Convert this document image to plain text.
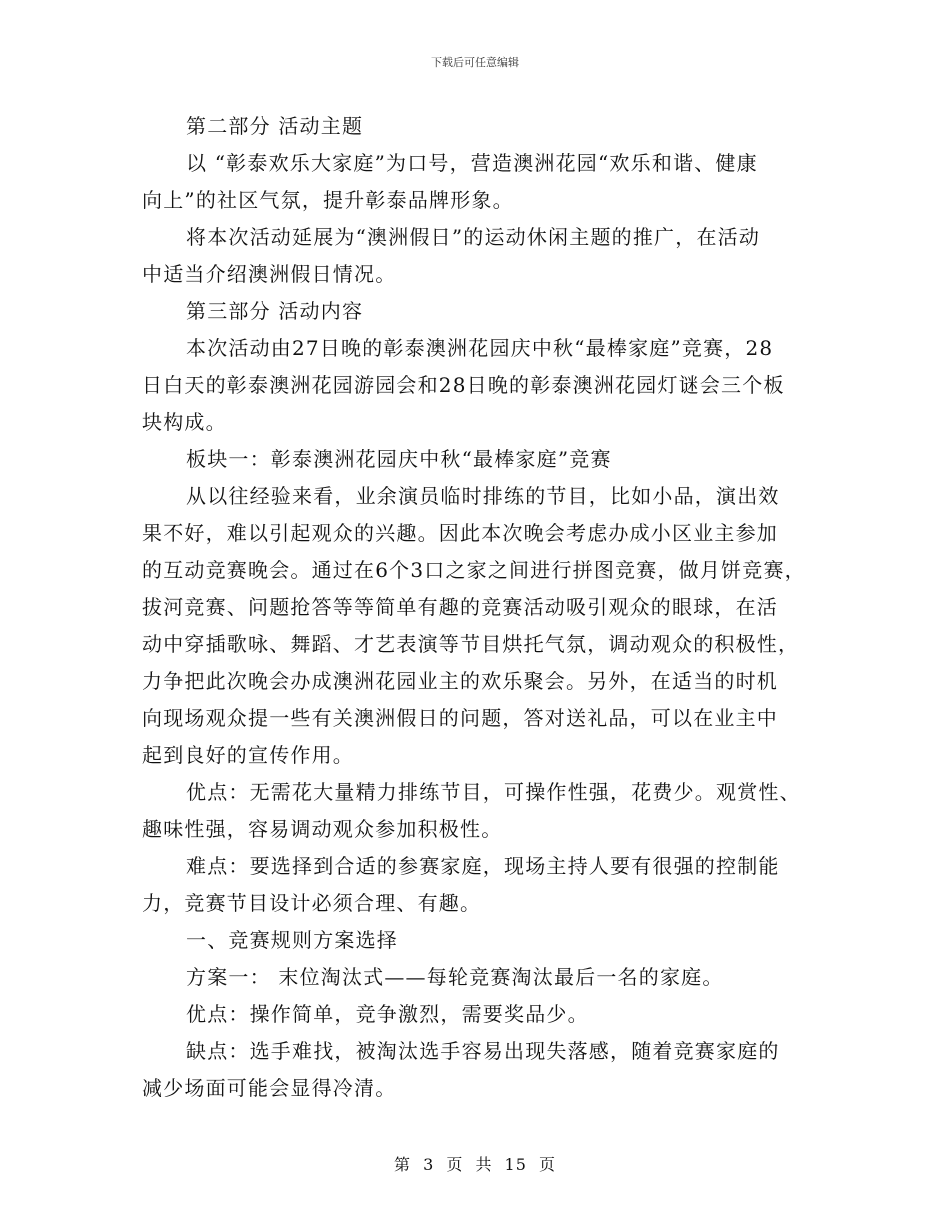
下载后可任意编辑
第二部分 活动主题
以 “彰泰欢乐大家庭”为口号，营造澳洲花园“欢乐和谐、健康
向上”的社区气氛，提升彰泰品牌形象。
将本次活动延展为“澳洲假日”的运动休闲主题的推广，在活动
中适当介绍澳洲假日情况。
第三部分 活动内容
本次活动由27日晚的彰泰澳洲花园庆中秋“最棒家庭”竞赛，28
日白天的彰泰澳洲花园游园会和28日晚的彰泰澳洲花园灯谜会三个板
块构成。
板块一：彰泰澳洲花园庆中秋“最棒家庭”竞赛
从以往经验来看，业余演员临时排练的节目，比如小品，演出效
果不好，难以引起观众的兴趣。因此本次晚会考虑办成小区业主参加
的互动竞赛晚会。通过在6个3口之家之间进行拼图竞赛，做月饼竞赛，
拔河竞赛、问题抢答等等简单有趣的竞赛活动吸引观众的眼球，在活
动中穿插歌咏、舞蹈、才艺表演等节目烘托气氛，调动观众的积极性，
力争把此次晚会办成澳洲花园业主的欢乐聚会。另外，在适当的时机
向现场观众提一些有关澳洲假日的问题，答对送礼品，可以在业主中
起到良好的宣传作用。
优点：无需花大量精力排练节目，可操作性强，花费少。观赏性、
趣味性强，容易调动观众参加积极性。
难点：要选择到合适的参赛家庭，现场主持人要有很强的控制能
力，竞赛节目设计必须合理、有趣。
一、竞赛规则方案选择
方案一： 末位淘汰式——每轮竞赛淘汰最后一名的家庭。
优点：操作简单，竞争激烈，需要奖品少。
缺点：选手难找，被淘汰选手容易出现失落感，随着竞赛家庭的
减少场面可能会显得冷清。
第 3 页 共 15 页
